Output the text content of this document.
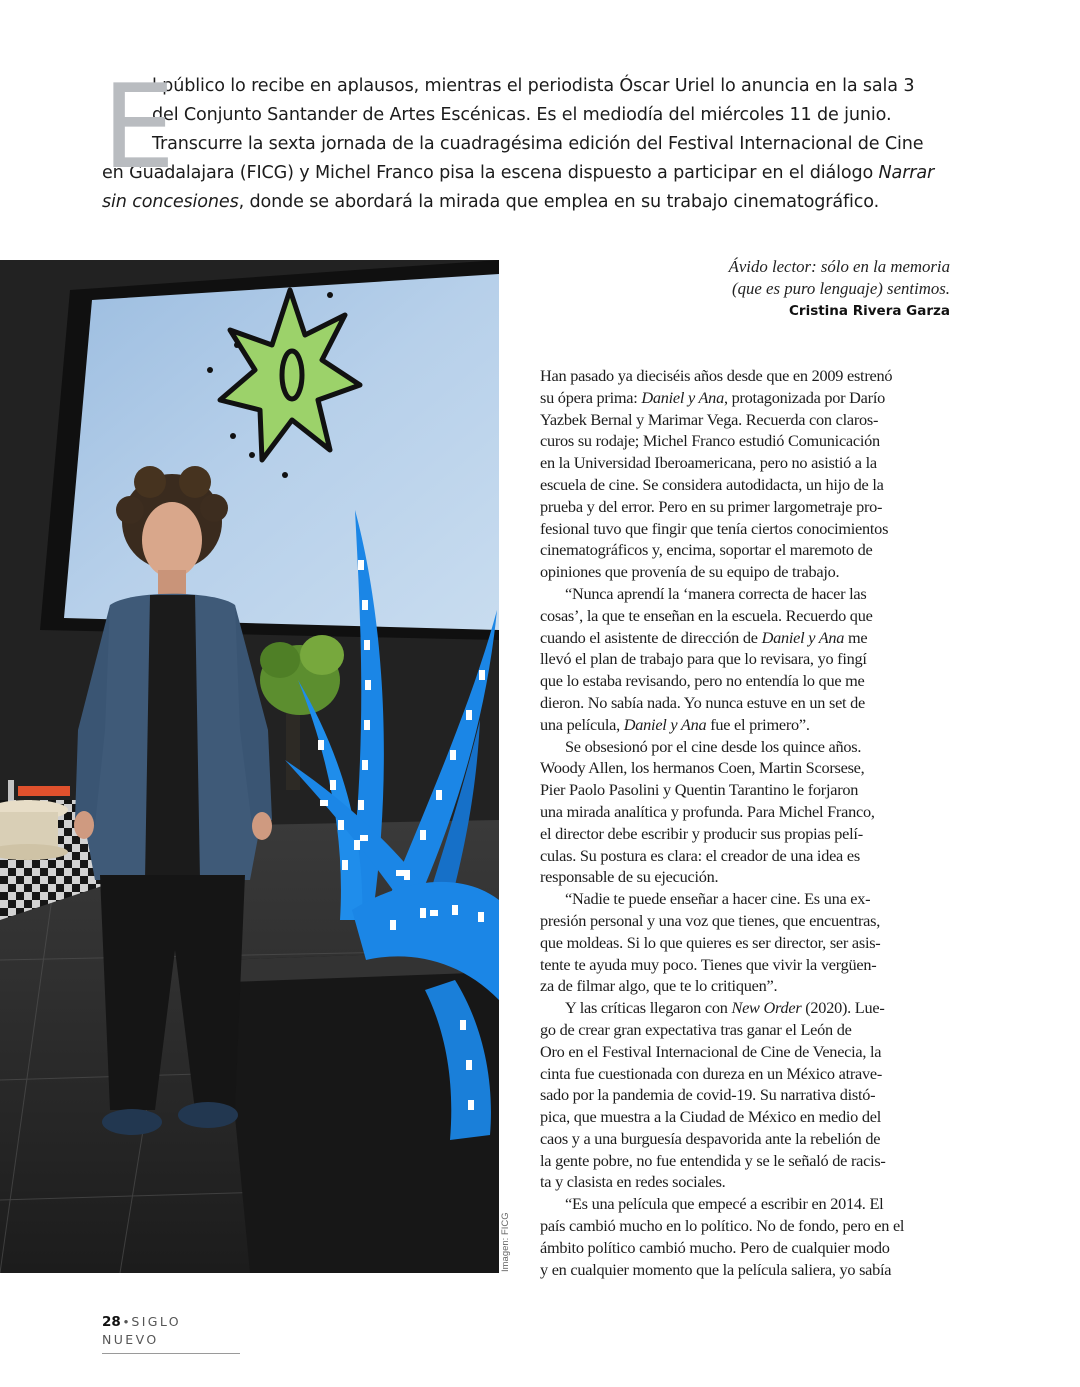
E
l público lo recibe en aplausos, mientras el periodista Óscar Uriel lo anuncia en la sala 3
del Conjunto Santander de Artes Escénicas. Es el mediodía del miércoles 11 de junio.
Transcurre la sexta jornada de la cuadragésima edición del Festival Internacional de Cine
en Guadalajara (FICG) y Michel Franco pisa la escena dispuesto a participar en el diálogo Narrar
sin concesiones, donde se abordará la mirada que emplea en su trabajo cinematográfico.
Imagen: FICG
Ávido lector: sólo en la memoria
(que es puro lenguaje) sentimos.
Cristina Rivera Garza
Han pasado ya dieciséis años desde que en 2009 estrenó
su ópera prima: Daniel y Ana, protagonizada por Darío
Yazbek Bernal y Marimar Vega. Recuerda con claros-
curos su rodaje; Michel Franco estudió Comunicación
en la Universidad Iberoamericana, pero no asistió a la
escuela de cine. Se considera autodidacta, un hijo de la
prueba y del error. Pero en su primer largometraje pro-
fesional tuvo que fingir que tenía ciertos conocimientos
cinematográficos y, encima, soportar el maremoto de
opiniones que provenía de su equipo de trabajo.
“Nunca aprendí la ‘manera correcta de hacer las
cosas’, la que te enseñan en la escuela. Recuerdo que
cuando el asistente de dirección de Daniel y Ana me
llevó el plan de trabajo para que lo revisara, yo fingí
que lo estaba revisando, pero no entendía lo que me
dieron. No sabía nada. Yo nunca estuve en un set de
una película, Daniel y Ana fue el primero”.
Se obsesionó por el cine desde los quince años.
Woody Allen, los hermanos Coen, Martin Scorsese,
Pier Paolo Pasolini y Quentin Tarantino le forjaron
una mirada analítica y profunda. Para Michel Franco,
el director debe escribir y producir sus propias pelí-
culas. Su postura es clara: el creador de una idea es
responsable de su ejecución.
“Nadie te puede enseñar a hacer cine. Es una ex-
presión personal y una voz que tienes, que encuentras,
que moldeas. Si lo que quieres es ser director, ser asis-
tente te ayuda muy poco. Tienes que vivir la vergüen-
za de filmar algo, que te lo critiquen”.
Y las críticas llegaron con New Order (2020). Lue-
go de crear gran expectativa tras ganar el León de
Oro en el Festival Internacional de Cine de Venecia, la
cinta fue cuestionada con dureza en un México atrave-
sado por la pandemia de covid-19. Su narrativa distó-
pica, que muestra a la Ciudad de México en medio del
caos y a una burguesía despavorida ante la rebelión de
la gente pobre, no fue entendida y se le señaló de racis-
ta y clasista en redes sociales.
“Es una película que empecé a escribir en 2014. El
país cambió mucho en lo político. No de fondo, pero en el
ámbito político cambió mucho. Pero de cualquier modo
y en cualquier momento que la película saliera, yo sabía
28 • SIGLO NUEVO
